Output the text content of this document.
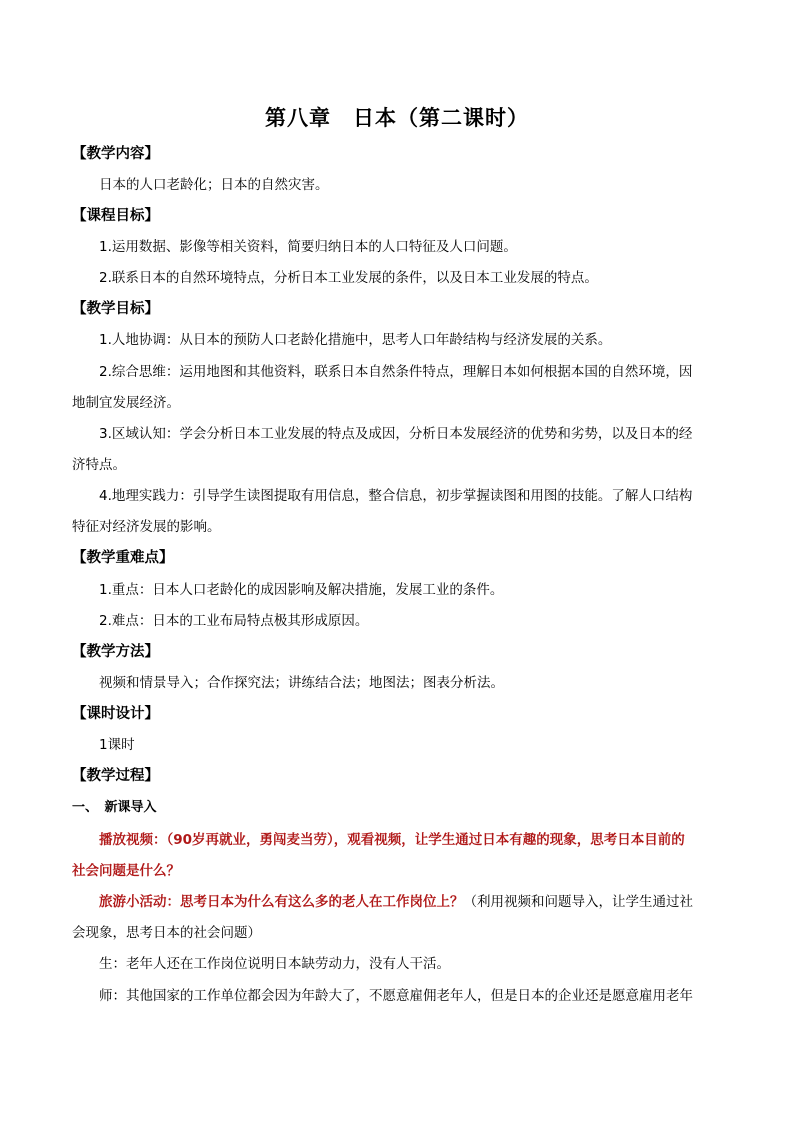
第八章　日本（第二课时）
【教学内容】
日本的人口老龄化；日本的自然灾害。
【课程目标】
1.运用数据、影像等相关资料，简要归纳日本的人口特征及人口问题。
2.联系日本的自然环境特点，分析日本工业发展的条件，以及日本工业发展的特点。
【教学目标】
1.人地协调：从日本的预防人口老龄化措施中，思考人口年龄结构与经济发展的关系。
2.综合思维：运用地图和其他资料，联系日本自然条件特点，理解日本如何根据本国的自然环境，因
地制宜发展经济。
3.区域认知：学会分析日本工业发展的特点及成因，分析日本发展经济的优势和劣势，以及日本的经
济特点。
4.地理实践力：引导学生读图提取有用信息，整合信息，初步掌握读图和用图的技能。了解人口结构
特征对经济发展的影响。
【教学重难点】
1.重点：日本人口老龄化的成因影响及解决措施，发展工业的条件。
2.难点：日本的工业布局特点极其形成原因。
【教学方法】
视频和情景导入；合作探究法；讲练结合法；地图法；图表分析法。
【课时设计】
1课时
【教学过程】
一、　新课导入
播放视频：（90岁再就业，勇闯麦当劳），观看视频，让学生通过日本有趣的现象，思考日本目前的
社会问题是什么？
旅游小活动：思考日本为什么有这么多的老人在工作岗位上？（利用视频和问题导入，让学生通过社
会现象，思考日本的社会问题）
生：老年人还在工作岗位说明日本缺劳动力，没有人干活。
师：其他国家的工作单位都会因为年龄大了，不愿意雇佣老年人，但是日本的企业还是愿意雇用老年
